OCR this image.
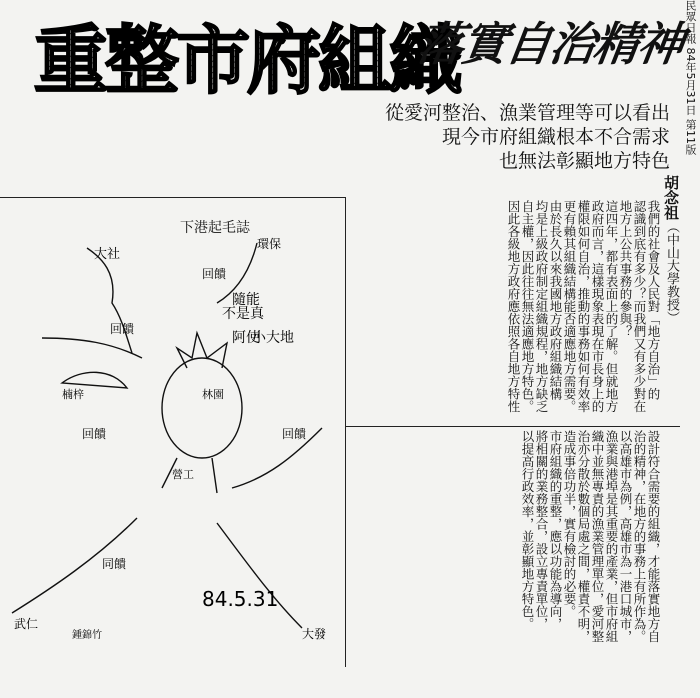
重整市府組織
落實自治精神
從愛河整治、漁業管理等可以看出
現今市府組織根本不合需求
也無法彰顯地方特色
民眾日報 84年5月31日 第11版
胡念祖（中山大學教授）
下港起毛誌
不是真
隨能
小大地
阿使
大社
回饋
回饋
回饋	回饋
同饋
環保
武仁
大發
楠梓	林園
營工
84.5.31
鍾錦竹
我們的社會及人民對「地方自治」的
認識到底有多少？而我們又有多少對在
地方上公共事務的參與？
這四年，都有表面上的了解。但就地方
政府而言，這樣現象表現在市長身上的
權限如何自治，推動的事務如何有效率
更有賴其組織結構能否適應地方需要。
由於長久以來我國地方政府組織結構
均是上級政府制定組織規程，地方缺乏
自主權，因此往往無法適應地方特色。
因此各級地方政府應依照各自地方特性
設計符合需要的組織，才能落實地方自
治的精神，在地方的事務上有所作為。
以高雄市為例，高雄市為一港口城市，
漁業與港埠是其重要的產業，但市府組
織中並無專責的漁業管理單位，愛河整
治亦分散於數個局處之間，權責不明，
造成事倍功半，實有檢討的必要。
市府組織的重整，應以功能為導向，
將相關的業務整合，設立專責單位，
以提高行政效率，並彰顯地方特色。
